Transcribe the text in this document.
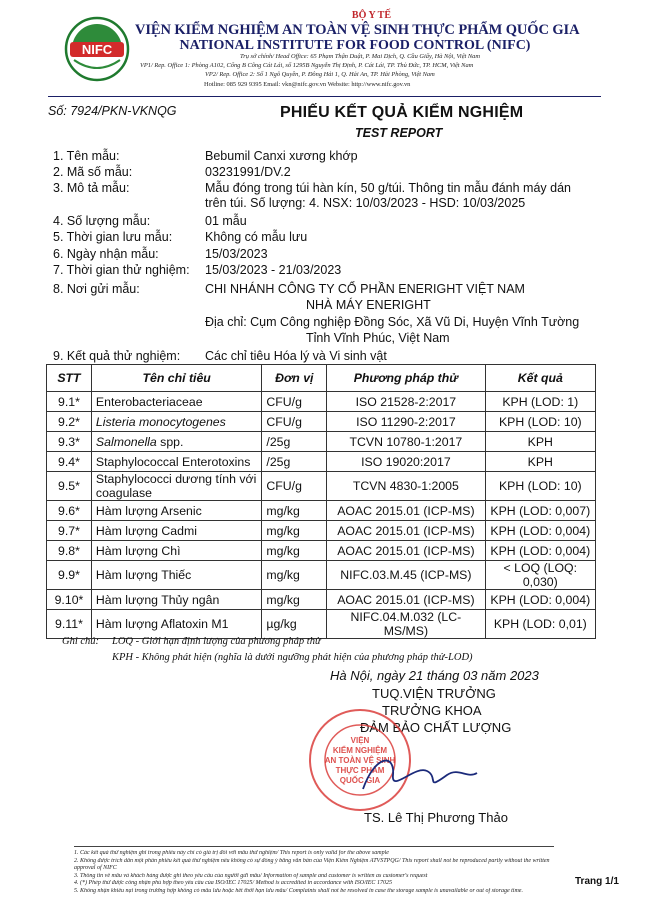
NIFC
BỘ Y TẾ
VIỆN KIỂM NGHIỆM AN TOÀN VỆ SINH THỰC PHẨM QUỐC GIA
NATIONAL INSTITUTE FOR FOOD CONTROL (NIFC)
Trụ sở chính/ Head Office: 65 Phạm Thận Duật, P. Mai Dịch, Q. Cầu Giấy, Hà Nội, Việt Nam
VP1/ Rep. Office 1: Phòng A102, Cổng B Công Cát Lái, số 1295B Nguyễn Thị Định, P. Cát Lái, TP. Thủ Đức, TP. HCM, Việt Nam
VP2/ Rep. Office 2: Số 1 Ngô Quyền, P. Đông Hải 1, Q. Hải An, TP. Hải Phòng, Việt Nam
Hotline: 085 929 9395 Email: vkn@nifc.gov.vn Website: http://www.nifc.gov.vn
Số: 7924/PKN-VKNQG	PHIẾU KẾT QUẢ KIỂM NGHIỆM
TEST REPORT
1. Tên mẫu:	Bebumil Canxi xương khớp
2. Mã số mẫu:	03231991/DV.2
3. Mô tả mẫu:	Mẫu đóng trong túi hàn kín, 50 g/túi. Thông tin mẫu đánh máy dán
trên túi. Số lượng: 4. NSX: 10/03/2023 - HSD: 10/03/2025
4. Số lượng mẫu:	01 mẫu
5. Thời gian lưu mẫu:	Không có mẫu lưu
6. Ngày nhận mẫu:	15/03/2023
7. Thời gian thử nghiệm: 15/03/2023 - 21/03/2023
8. Nơi gửi mẫu:	CHI NHÁNH CÔNG TY CỔ PHẦN ENERIGHT VIỆT NAM
NHÀ MÁY ENERIGHT
Địa chỉ: Cụm Công nghiệp Đồng Sóc, Xã Vũ Di, Huyện Vĩnh Tường
Tỉnh Vĩnh Phúc, Việt Nam
9. Kết quả thử nghiệm: Các chỉ tiêu Hóa lý và Vi sinh vật
STT	Tên chỉ tiêu	Đơn vị	Phương pháp thử	Kết quả
9.1*	Enterobacteriaceae	CFU/g	ISO 21528-2:2017	KPH (LOD: 1)
9.2*	Listeria monocytogenes	CFU/g	ISO 11290-2:2017	KPH (LOD: 10)
9.3*	Salmonella spp.	/25g	TCVN 10780-1:2017	KPH
9.4*	Staphylococcal Enterotoxins	/25g	ISO 19020:2017	KPH
9.5*	Staphylococci dương tính với coagulase	CFU/g	TCVN 4830-1:2005	KPH (LOD: 10)
9.6*	Hàm lượng Arsenic	mg/kg	AOAC 2015.01 (ICP-MS)	KPH (LOD: 0,007)
9.7*	Hàm lượng Cadmi	mg/kg	AOAC 2015.01 (ICP-MS)	KPH (LOD: 0,004)
9.8*	Hàm lượng Chì	mg/kg	AOAC 2015.01 (ICP-MS)	KPH (LOD: 0,004)
9.9*	Hàm lượng Thiếc	mg/kg	NIFC.03.M.45 (ICP-MS)	< LOQ (LOQ: 0,030)
9.10*	Hàm lượng Thủy ngân	mg/kg	AOAC 2015.01 (ICP-MS)	KPH (LOD: 0,004)
9.11*	Hàm lượng Aflatoxin M1	µg/kg	NIFC.04.M.032 (LC-MS/MS)	KPH (LOD: 0,01)
Ghi chú: LOQ - Giới hạn định lượng của phương pháp thử
KPH - Không phát hiện (nghĩa là dưới ngưỡng phát hiện của phương pháp thử-LOD)
Hà Nội, ngày 21 tháng 03 năm 2023
TUQ.VIỆN TRƯỞNG
TRƯỞNG KHOA
ĐẢM BẢO CHẤT LƯỢNG
VIỆN
KIỂM NGHIỆM
AN TOÀN VỆ SINH
THỰC PHẨM
QUỐC GIA
TS. Lê Thị Phương Thảo
1. Các kết quả thử nghiệm ghi trong phiếu này chỉ có giá trị đối với mẫu thử nghiệm/ This report is only valid for the above sample
2. Không được trích dẫn một phần phiếu kết quả thử nghiệm nếu không có sự đồng ý bằng văn bản của Viện Kiểm Nghiệm ATVSTPQG/ This report shall not be reproduced partly without the written approval of NIFC
3. Thông tin về mẫu và khách hàng được ghi theo yêu cầu của người gửi mẫu/ Information of sample and customer is written as customer's request
4. (*) Phép thử được công nhận phù hợp theo yêu cầu của ISO/IEC 17025/ Method is accredited in accordance with ISO/IEC 17025
5. Không nhận khiếu nại trong trường hợp không có mẫu lưu hoặc hết thời hạn lưu mẫu/ Complaints shall not be resolved in case the storage sample is unavailable or out of storage time.
Trang 1/1
